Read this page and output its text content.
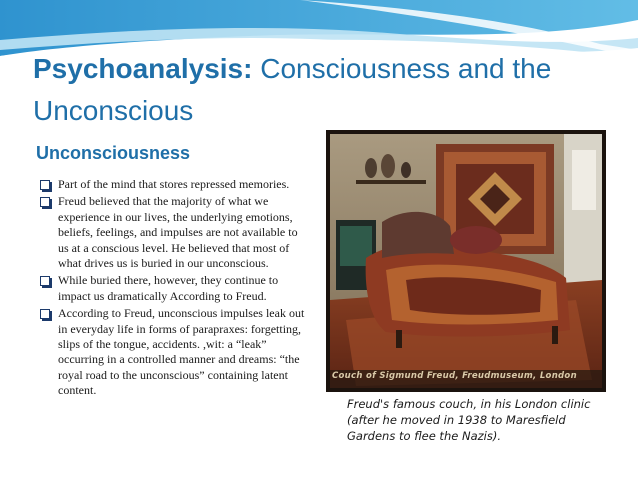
Psychoanalysis: Consciousness and the Unconscious
Unconsciousness
Part of the mind that stores repressed memories.
Freud believed that the majority of what we experience in our lives, the underlying emotions, beliefs, feelings, and impulses are not available to us at a conscious level. He believed that most of what drives us is buried in our unconscious.
While buried there, however, they continue to impact us dramatically According to Freud.
According to Freud, unconscious impulses leak out in everyday life in forms of parapraxes: forgetting, slips of the tongue, accidents. ,wit: a “leak” occurring in a controlled manner and dreams: “the royal road to the unconscious” containing latent content.
Couch of Sigmund Freud, Freudmuseum, London
Freud's famous couch, in his London clinic (after he moved in 1938 to Maresfield Gardens to flee the Nazis).
